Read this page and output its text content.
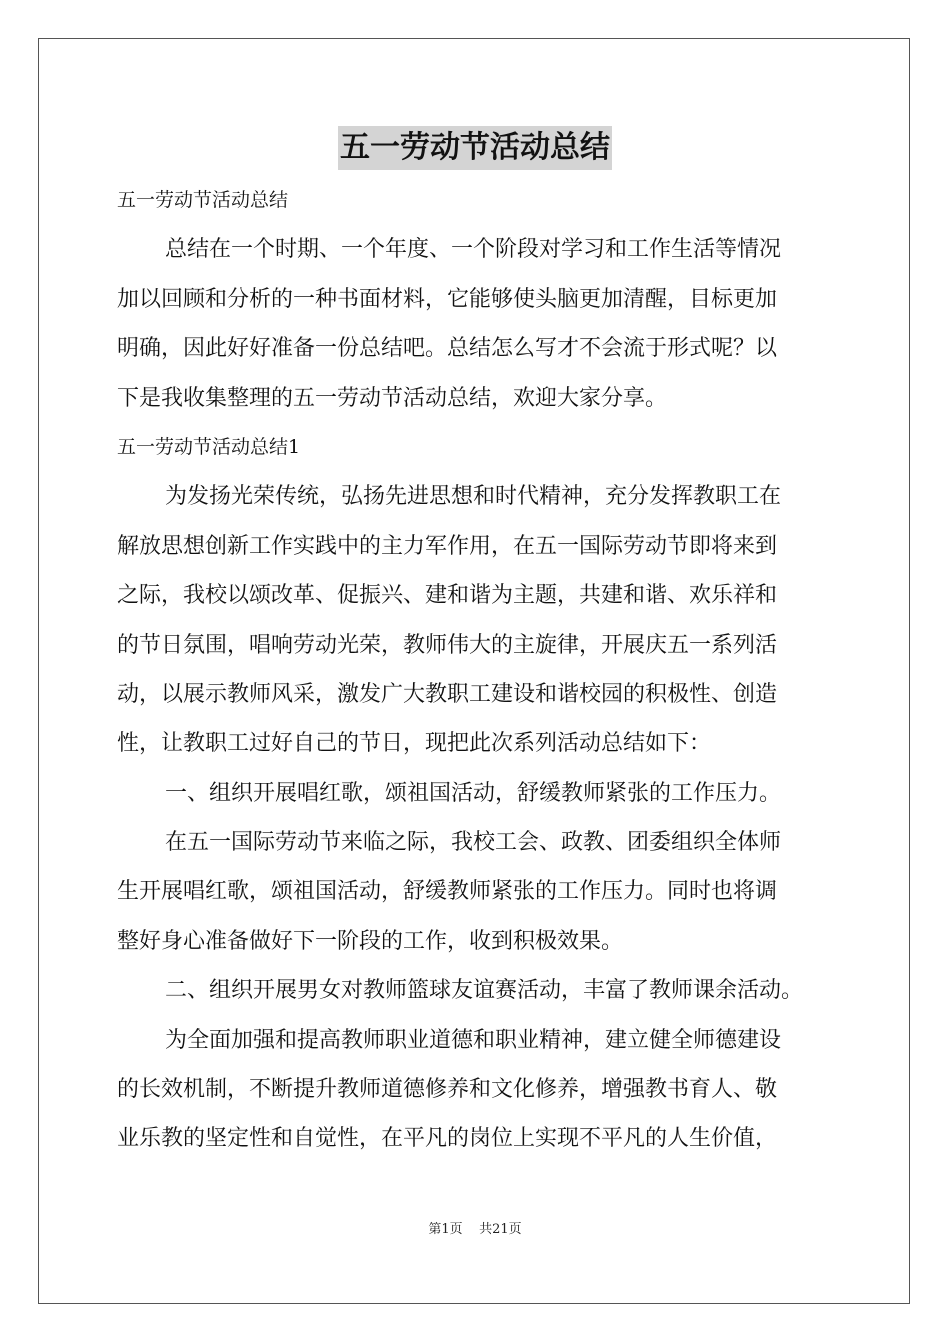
五一劳动节活动总结
五一劳动节活动总结
总结在一个时期、一个年度、一个阶段对学习和工作生活等情况
加以回顾和分析的一种书面材料，它能够使头脑更加清醒，目标更加
明确，因此好好准备一份总结吧。总结怎么写才不会流于形式呢？以
下是我收集整理的五一劳动节活动总结，欢迎大家分享。
五一劳动节活动总结1
为发扬光荣传统，弘扬先进思想和时代精神，充分发挥教职工在
解放思想创新工作实践中的主力军作用，在五一国际劳动节即将来到
之际，我校以颂改革、促振兴、建和谐为主题，共建和谐、欢乐祥和
的节日氛围，唱响劳动光荣，教师伟大的主旋律，开展庆五一系列活
动，以展示教师风采，激发广大教职工建设和谐校园的积极性、创造
性，让教职工过好自己的节日，现把此次系列活动总结如下：
一、组织开展唱红歌，颂祖国活动，舒缓教师紧张的工作压力。
在五一国际劳动节来临之际，我校工会、政教、团委组织全体师
生开展唱红歌，颂祖国活动，舒缓教师紧张的工作压力。同时也将调
整好身心准备做好下一阶段的工作，收到积极效果。
二、组织开展男女对教师篮球友谊赛活动，丰富了教师课余活动。
为全面加强和提高教师职业道德和职业精神，建立健全师德建设
的长效机制，不断提升教师道德修养和文化修养，增强教书育人、敬
业乐教的坚定性和自觉性，在平凡的岗位上实现不平凡的人生价值，
第1页 共21页
